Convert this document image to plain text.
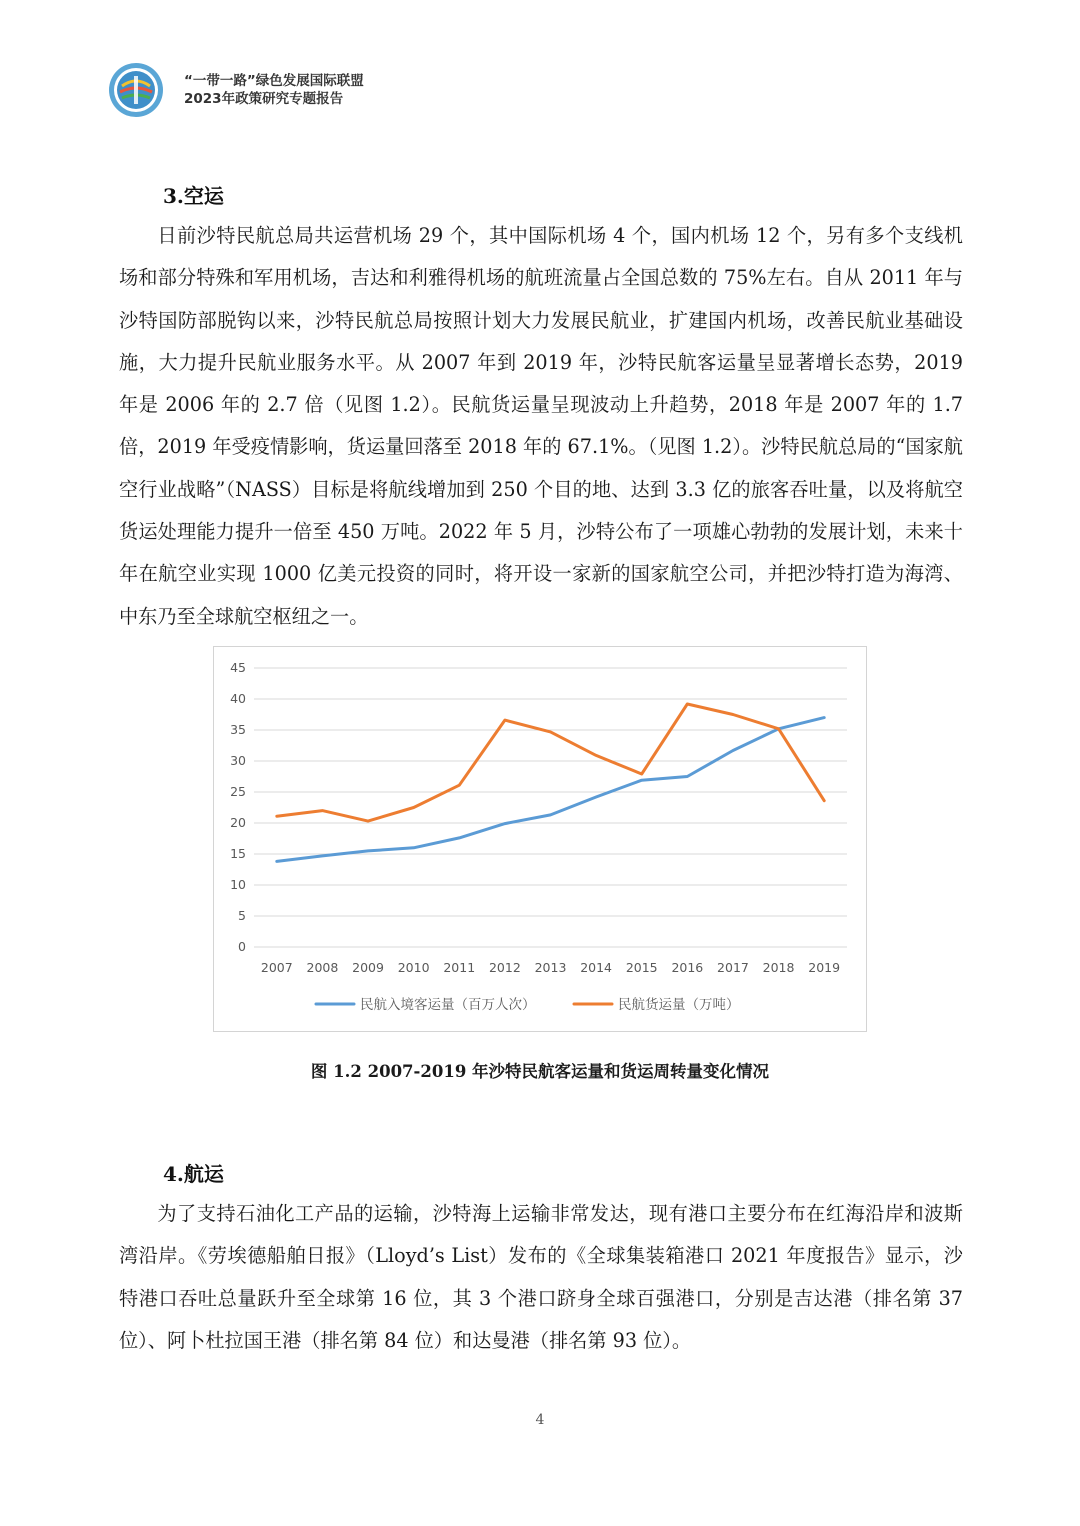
“一带一路”绿色发展国际联盟
2023年政策研究专题报告
3.空运

日前沙特民航总局共运营机场 29 个，其中国际机场 4 个，国内机场 12 个，另有多个支线机场和部分特殊和军用机场，吉达和利雅得机场的航班流量占全国总数的 75%左右。自从 2011 年与沙特国防部脱钩以来，沙特民航总局按照计划大力发展民航业，扩建国内机场，改善民航业基础设施，大力提升民航业服务水平。从 2007 年到 2019 年，沙特民航客运量呈显著增长态势，2019 年是 2006 年的 2.7 倍（见图 1.2）。民航货运量呈现波动上升趋势，2018 年是 2007 年的 1.7 倍，2019 年受疫情影响，货运量回落至 2018 年的 67.1%。（见图 1.2）。沙特民航总局的“国家航空行业战略”（NASS）目标是将航线增加到 250 个目的地、达到 3.3 亿的旅客吞吐量，以及将航空货运处理能力提升一倍至 450 万吨。2022 年 5 月，沙特公布了一项雄心勃勃的发展计划，未来十年在航空业实现 1000 亿美元投资的同时，将开设一家新的国家航空公司，并把沙特打造为海湾、中东乃至全球航空枢纽之一。

0
5
10
15
20
25
30
35
40
45
2007 2008 2009 2010 2011 2012 2013 2014 2015 2016 2017 2018 2019
民航入境客运量（百万人次）	民航货运量（万吨）
图 1.2 2007-2019 年沙特民航客运量和货运周转量变化情况
4.航运

为了支持石油化工产品的运输，沙特海上运输非常发达，现有港口主要分布在红海沿岸和波斯湾沿岸。《劳埃德船舶日报》（Lloyd’s List）发布的《全球集装箱港口 2021 年度报告》显示，沙特港口吞吐总量跃升至全球第 16 位，其 3 个港口跻身全球百强港口，分别是吉达港（排名第 37 位）、阿卜杜拉国王港（排名第 84 位）和达曼港（排名第 93 位）。

4
